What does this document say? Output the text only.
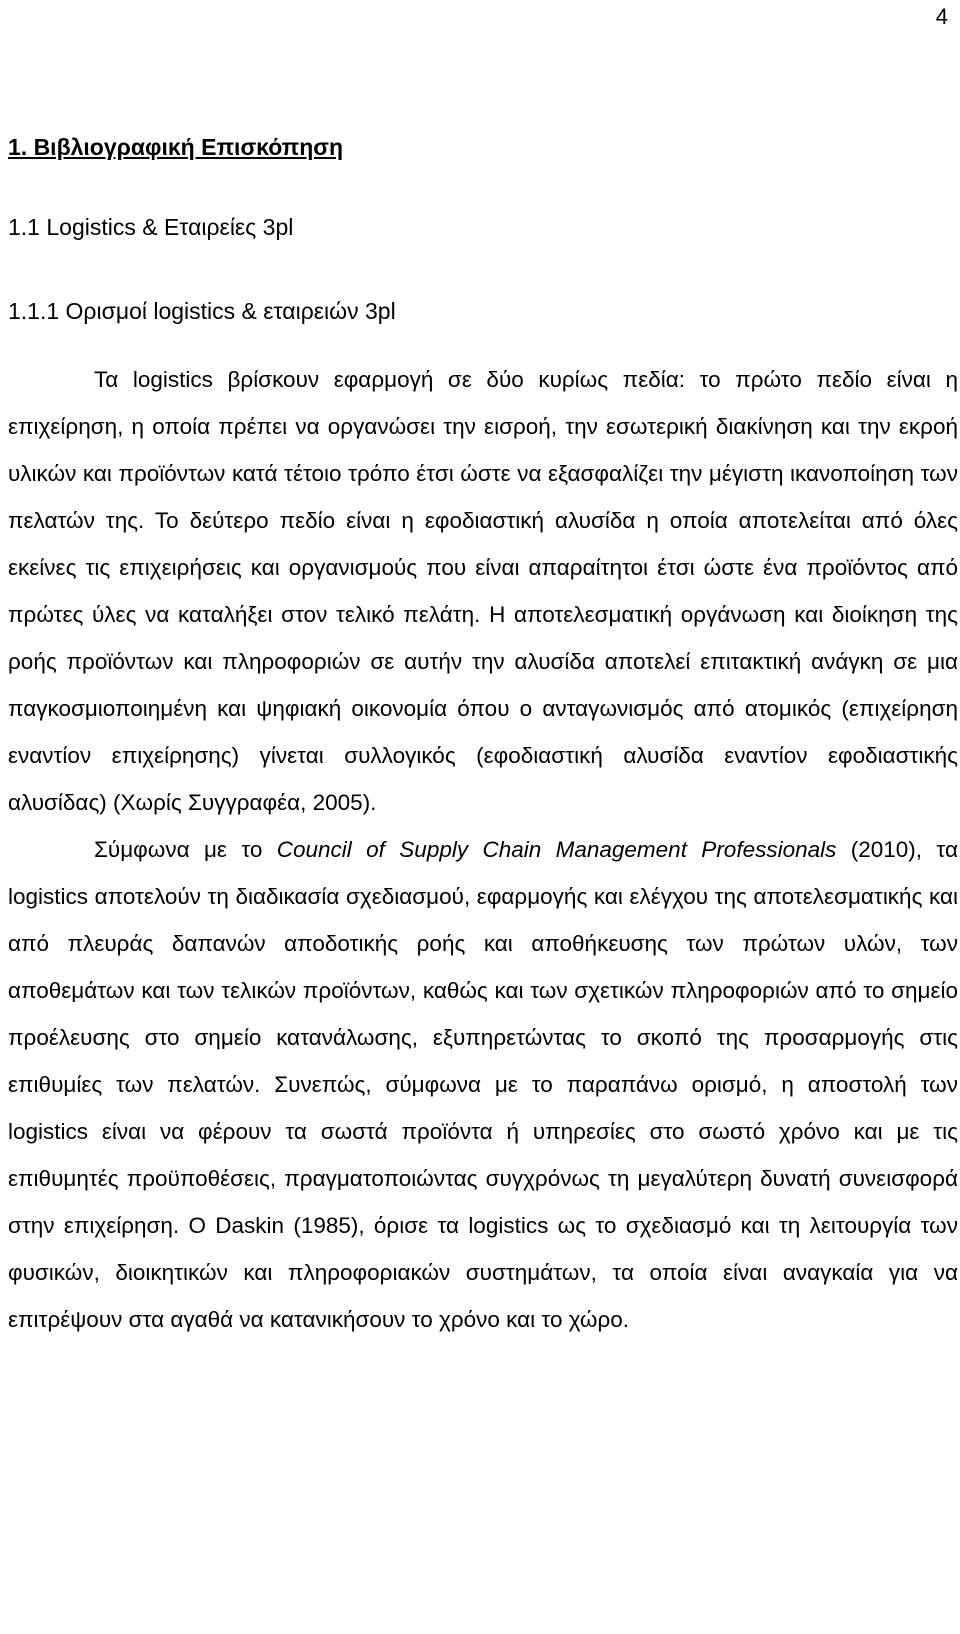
4
1. Βιβλιογραφική Επισκόπηση
1.1 Logistics & Εταιρείες 3pl
1.1.1 Ορισμοί logistics & εταιρειών 3pl

Τα logistics βρίσκουν εφαρμογή σε δύο κυρίως πεδία: το πρώτο πεδίο είναι η επιχείρηση, η οποία πρέπει να οργανώσει την εισροή, την εσωτερική διακίνηση και την εκροή υλικών και προϊόντων κατά τέτοιο τρόπο έτσι ώστε να εξασφαλίζει την μέγιστη ικανοποίηση των πελατών της. Το δεύτερο πεδίο είναι η εφοδιαστική αλυσίδα η οποία αποτελείται από όλες εκείνες τις επιχειρήσεις και οργανισμούς που είναι απαραίτητοι έτσι ώστε ένα προϊόντος από πρώτες ύλες να καταλήξει στον τελικό πελάτη. Η αποτελεσματική οργάνωση και διοίκηση της ροής προϊόντων και πληροφοριών σε αυτήν την αλυσίδα αποτελεί επιτακτική ανάγκη σε μια παγκοσμιοποιημένη και ψηφιακή οικονομία όπου ο ανταγωνισμός από ατομικός (επιχείρηση εναντίον επιχείρησης) γίνεται συλλογικός (εφοδιαστική αλυσίδα εναντίον εφοδιαστικής αλυσίδας) (Χωρίς Συγγραφέα, 2005).

Σύμφωνα με το Council of Supply Chain Management Professionals (2010), τα logistics αποτελούν τη διαδικασία σχεδιασμού, εφαρμογής και ελέγχου της αποτελεσματικής και από πλευράς δαπανών αποδοτικής ροής και αποθήκευσης των πρώτων υλών, των αποθεμάτων και των τελικών προϊόντων, καθώς και των σχετικών πληροφοριών από το σημείο προέλευσης στο σημείο κατανάλωσης, εξυπηρετώντας το σκοπό της προσαρμογής στις επιθυμίες των πελατών. Συνεπώς, σύμφωνα με το παραπάνω ορισμό, η αποστολή των logistics είναι να φέρουν τα σωστά προϊόντα ή υπηρεσίες στο σωστό χρόνο και με τις επιθυμητές προϋποθέσεις, πραγματοποιώντας συγχρόνως τη μεγαλύτερη δυνατή συνεισφορά στην επιχείρηση. Ο Daskin (1985), όρισε τα logistics ως το σχεδιασμό και τη λειτουργία των φυσικών, διοικητικών και πληροφοριακών συστημάτων, τα οποία είναι αναγκαία για να επιτρέψουν στα αγαθά να κατανικήσουν το χρόνο και το χώρο.
